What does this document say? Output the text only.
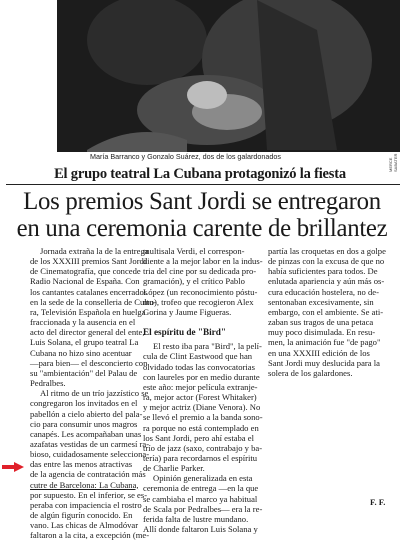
MERCE SABATER
María Barranco y Gonzalo Suárez, dos de los galardonados
El grupo teatral La Cubana protagonizó la fiesta
Los premios Sant Jordi se entregaron
en una ceremonia carente de brillantez
Jornada extraña la de la entrega
de los XXXIII premios Sant Jordi
de Cinematografía, que concede
Radio Nacional de España. Con
los cantantes catalanes encerrados
en la sede de la conselleria de Cultu-
ra, Televisión Española en huelga
fraccionada y la ausencia en el
acto del director general del ente,
Luis Solana, el grupo teatral La
Cubana no hizo sino acentuar
—para bien— el desconcierto con
su "ambientación" del Palau de
Pedralbes.
Al ritmo de un trío jazzístico se
congregaron los invitados en el
pabellón a cielo abierto del pala-
cio para consumir unos magros
canapés. Les acompañaban unas
azafatas vestidas de un carmesí ra-
bioso, cuidadosamente selecciona-
das entre las menos atractivas
de la agencia de contratación más
cutre de Barcelona: La Cubana,
por supuesto. En el inferior, se es-
peraba con impaciencia el rostro
de algún figurín conocido. En
vano. Las chicas de Almodóvar
faltaron a la cita, a excepción (me-
multisala Verdi, el correspon-
diente a la mejor labor en la indus-
tria del cine por su dedicada pro-
gramación), y el crítico Pablo
López (un reconocimiento póstu-
mo), trofeo que recogieron Alex
Gorina y Jaume Figueras.
El espíritu de "Bird"
El resto iba para "Bird", la pelí-
cula de Clint Eastwood que han
olvidado todas las convocatorias
con laureles por en medio durante
este año: mejor película extranje-
ra, mejor actor (Forest Whitaker)
y mejor actriz (Diane Venora). No
se llevó el premio a la banda sono-
ra porque no está contemplado en
los Sant Jordi, pero ahí estaba el
trío de jazz (saxo, contrabajo y ba-
tería) para recordarnos el espíritu
de Charlie Parker.
Opinión generalizada en esta
ceremonia de entrega —en la que
se cambiaba el marco ya habitual
de Scala por Pedralbes— era la re-
ferida falta de lustre mundano.
Allí donde faltaron Luis Solana y
partía las croquetas en dos a golpe
de pinzas con la excusa de que no
había suficientes para todos. De
enlutada apariencia y aún más os-
cura educación hostelera, no de-
sentonaban excesivamente, sin
embargo, con el ambiente. Se ati-
zaban sus tragos de una petaca
muy poco disimulada. En resu-
men, la animación fue "de pago"
en una XXXIII edición de los
Sant Jordi muy deslucida para la
solera de los galardones.
F. F.
